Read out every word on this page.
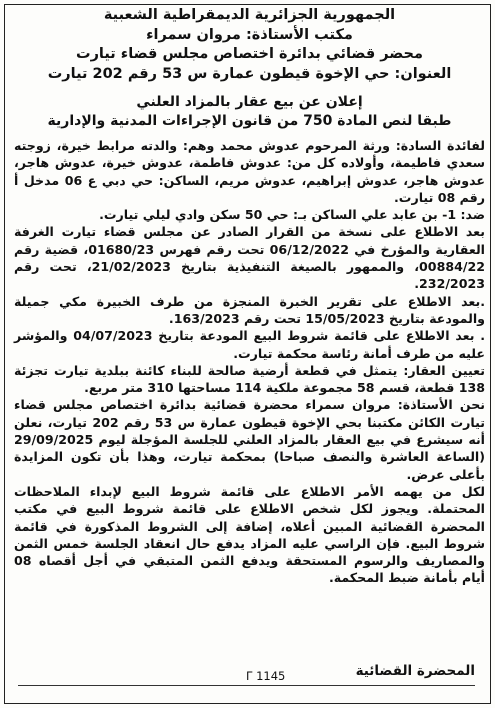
الجمهورية الجزائرية الديمقراطية الشعبية
مكتب الأستاذة: مروان سمراء
محضر قضائي بدائرة اختصاص مجلس قضاء تيارت
العنوان: حي الإخوة قيطون عمارة س 53 رقم 202 تيارت
إعلان عن بيع عقار بالمزاد العلني
طبقا لنص المادة 750 من قانون الإجراءات المدنية والإدارية
لفائدة السادة: ورثة المرحوم عدوش محمد وهم: والدته مرابط خيرة، زوجته سعدي فاطيمة، وأولاده كل من: عدوش فاطمة، عدوش خيرة، عدوش هاجر، عدوش هاجر، عدوش إبراهيم، عدوش مريم، الساكن: حي دبي ع 06 مدخل أ رقم 08 تيارت.
ضد: 1- بن عابد علي الساكن بـ: حي 50 سكن وادي ليلي تيارت.
بعد الاطلاع على نسخة من القرار الصادر عن مجلس قضاء تيارت الغرفة العقارية والمؤرخ في 06/12/2022 تحت رقم فهرس 01680/23، قضية رقم 00884/22، والممهور بالصيغة التنفيذية بتاريخ 21/02/2023، تحت رقم 232/2023.
.بعد الاطلاع على تقرير الخبرة المنجزة من طرف الخبيرة مكي جميلة والمودعة بتاريخ 15/05/2023 تحت رقم 163/2023.
. بعد الاطلاع على قائمة شروط البيع المودعة بتاريخ 04/07/2023 والمؤشر عليه من طرف أمانة رئاسة محكمة تيارت.
تعيين العقار: يتمثل في قطعة أرضية صالحة للبناء كائنة ببلدية تيارت تجزئة 138 قطعة، قسم 58 مجموعة ملكية 114 مساحتها 310 متر مربع.
نحن الأستاذة: مروان سمراء محضرة قضائية بدائرة اختصاص مجلس قضاء تيارت الكائن مكتبنا بحي الإخوة قيطون عمارة س 53 رقم 202 تيارت، نعلن أنه سيشرع في بيع العقار بالمزاد العلني للجلسة المؤجلة ليوم 29/09/2025 (الساعة العاشرة والنصف صباحا) بمحكمة تيارت، وهذا بأن تكون المزايدة بأعلى عرض.
لكل من يهمه الأمر الاطلاع على قائمة شروط البيع لإبداء الملاحظات المحتملة. ويجوز لكل شخص الاطلاع على قائمة شروط البيع في مكتب المحضرة القضائية المبين أعلاه، إضافة إلى الشروط المذكورة في قائمة شروط البيع. فإن الراسي عليه المزاد يدفع حال انعقاد الجلسة خمس الثمن والمصاريف والرسوم المستحقة ويدفع الثمن المتبقي في أجل أقصاه 08 أيام بأمانة ضبط المحكمة.
المحضرة القضائية
Γ 1145
